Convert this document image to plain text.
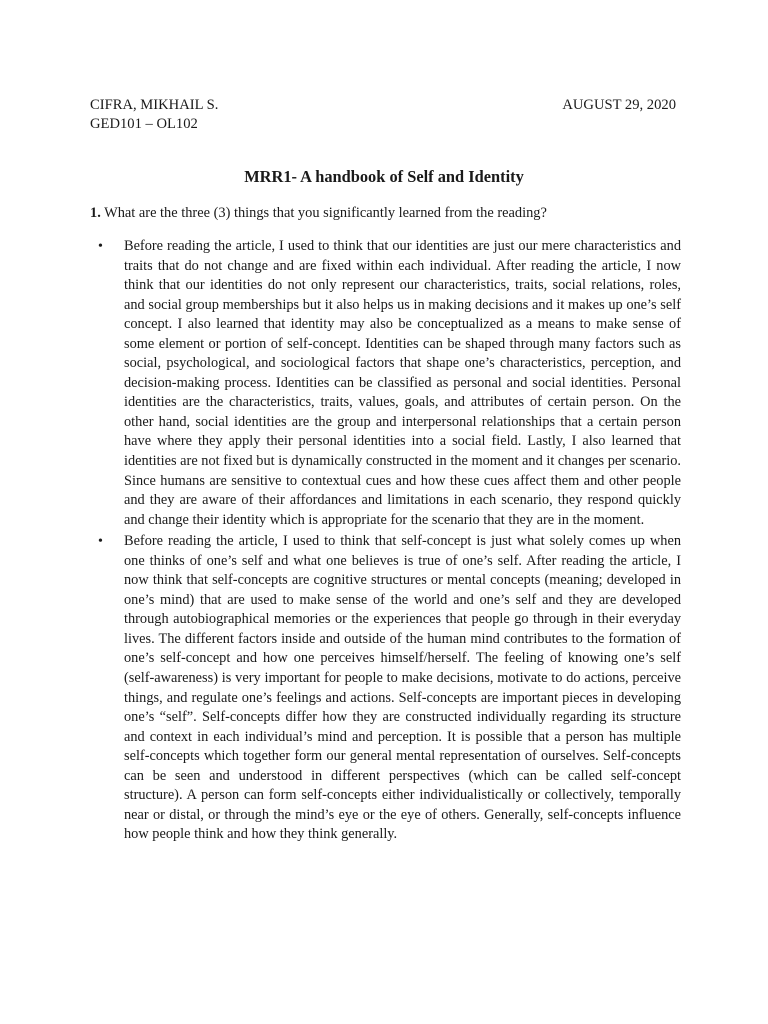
CIFRA, MIKHAIL S.
GED101 – OL102
AUGUST 29, 2020
MRR1- A handbook of Self and Identity
1. What are the three (3) things that you significantly learned from the reading?
• Before reading the article, I used to think that our identities are just our mere characteristics and traits that do not change and are fixed within each individual. After reading the article, I now think that our identities do not only represent our characteristics, traits, social relations, roles, and social group memberships but it also helps us in making decisions and it makes up one’s self concept. I also learned that identity may also be conceptualized as a means to make sense of some element or portion of self-concept. Identities can be shaped through many factors such as social, psychological, and sociological factors that shape one’s characteristics, perception, and decision-making process. Identities can be classified as personal and social identities. Personal identities are the characteristics, traits, values, goals, and attributes of certain person. On the other hand, social identities are the group and interpersonal relationships that a certain person have where they apply their personal identities into a social field. Lastly, I also learned that identities are not fixed but is dynamically constructed in the moment and it changes per scenario. Since humans are sensitive to contextual cues and how these cues affect them and other people and they are aware of their affordances and limitations in each scenario, they respond quickly and change their identity which is appropriate for the scenario that they are in the moment.
• Before reading the article, I used to think that self-concept is just what solely comes up when one thinks of one’s self and what one believes is true of one’s self. After reading the article, I now think that self-concepts are cognitive structures or mental concepts (meaning; developed in one’s mind) that are used to make sense of the world and one’s self and they are developed through autobiographical memories or the experiences that people go through in their everyday lives. The different factors inside and outside of the human mind contributes to the formation of one’s self-concept and how one perceives himself/herself. The feeling of knowing one’s self (self-awareness) is very important for people to make decisions, motivate to do actions, perceive things, and regulate one’s feelings and actions. Self-concepts are important pieces in developing one’s “self”. Self-concepts differ how they are constructed individually regarding its structure and context in each individual’s mind and perception. It is possible that a person has multiple self-concepts which together form our general mental representation of ourselves. Self-concepts can be seen and understood in different perspectives (which can be called self-concept structure). A person can form self-concepts either individualistically or collectively, temporally near or distal, or through the mind’s eye or the eye of others. Generally, self-concepts influence how people think and how they think generally.
